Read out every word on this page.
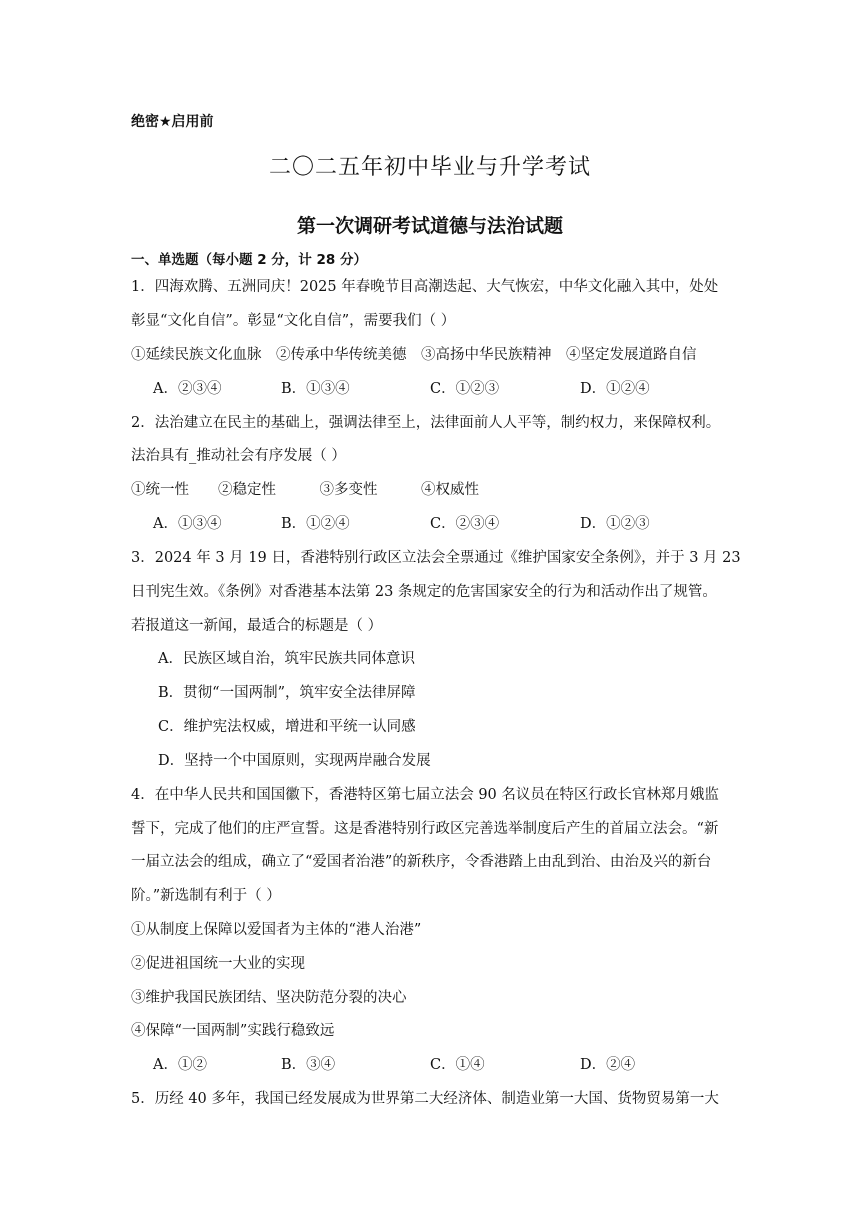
绝密★启用前
二〇二五年初中毕业与升学考试
第一次调研考试道德与法治试题
一、单选题（每小题 2 分，计 28 分）
1．四海欢腾、五洲同庆！2025 年春晚节目高潮迭起、大气恢宏，中华文化融入其中，处处
彰显“文化自信”。彰显“文化自信”，需要我们（ ）
①延续民族文化血脉　②传承中华传统美德　③高扬中华民族精神　④坚定发展道路自信
A．②③④	B．①③④	C．①②③	D．①②④
2．法治建立在民主的基础上，强调法律至上，法律面前人人平等，制约权力，来保障权利。
法治具有_推动社会有序发展（ ）
①统一性　　②稳定性　　　③多变性　　　④权威性
A．①③④	B．①②④	C．②③④	D．①②③
3．2024 年 3 月 19 日，香港特别行政区立法会全票通过《维护国家安全条例》，并于 3 月 23
日刊宪生效。《条例》对香港基本法第 23 条规定的危害国家安全的行为和活动作出了规管。
若报道这一新闻，最适合的标题是（ ）
A．民族区域自治，筑牢民族共同体意识
B．贯彻“一国两制”，筑牢安全法律屏障
C．维护宪法权威，增进和平统一认同感
D．坚持一个中国原则，实现两岸融合发展
4．在中华人民共和国国徽下，香港特区第七届立法会 90 名议员在特区行政长官林郑月娥监
誓下，完成了他们的庄严宣誓。这是香港特别行政区完善选举制度后产生的首届立法会。“新
一届立法会的组成，确立了“爱国者治港”的新秩序，令香港踏上由乱到治、由治及兴的新台
阶。”新选制有利于（ ）
①从制度上保障以爱国者为主体的“港人治港”
②促进祖国统一大业的实现
③维护我国民族团结、坚决防范分裂的决心
④保障“一国两制”实践行稳致远
A．①②	B．③④	C．①④	D．②④
5．历经 40 多年，我国已经发展成为世界第二大经济体、制造业第一大国、货物贸易第一大
